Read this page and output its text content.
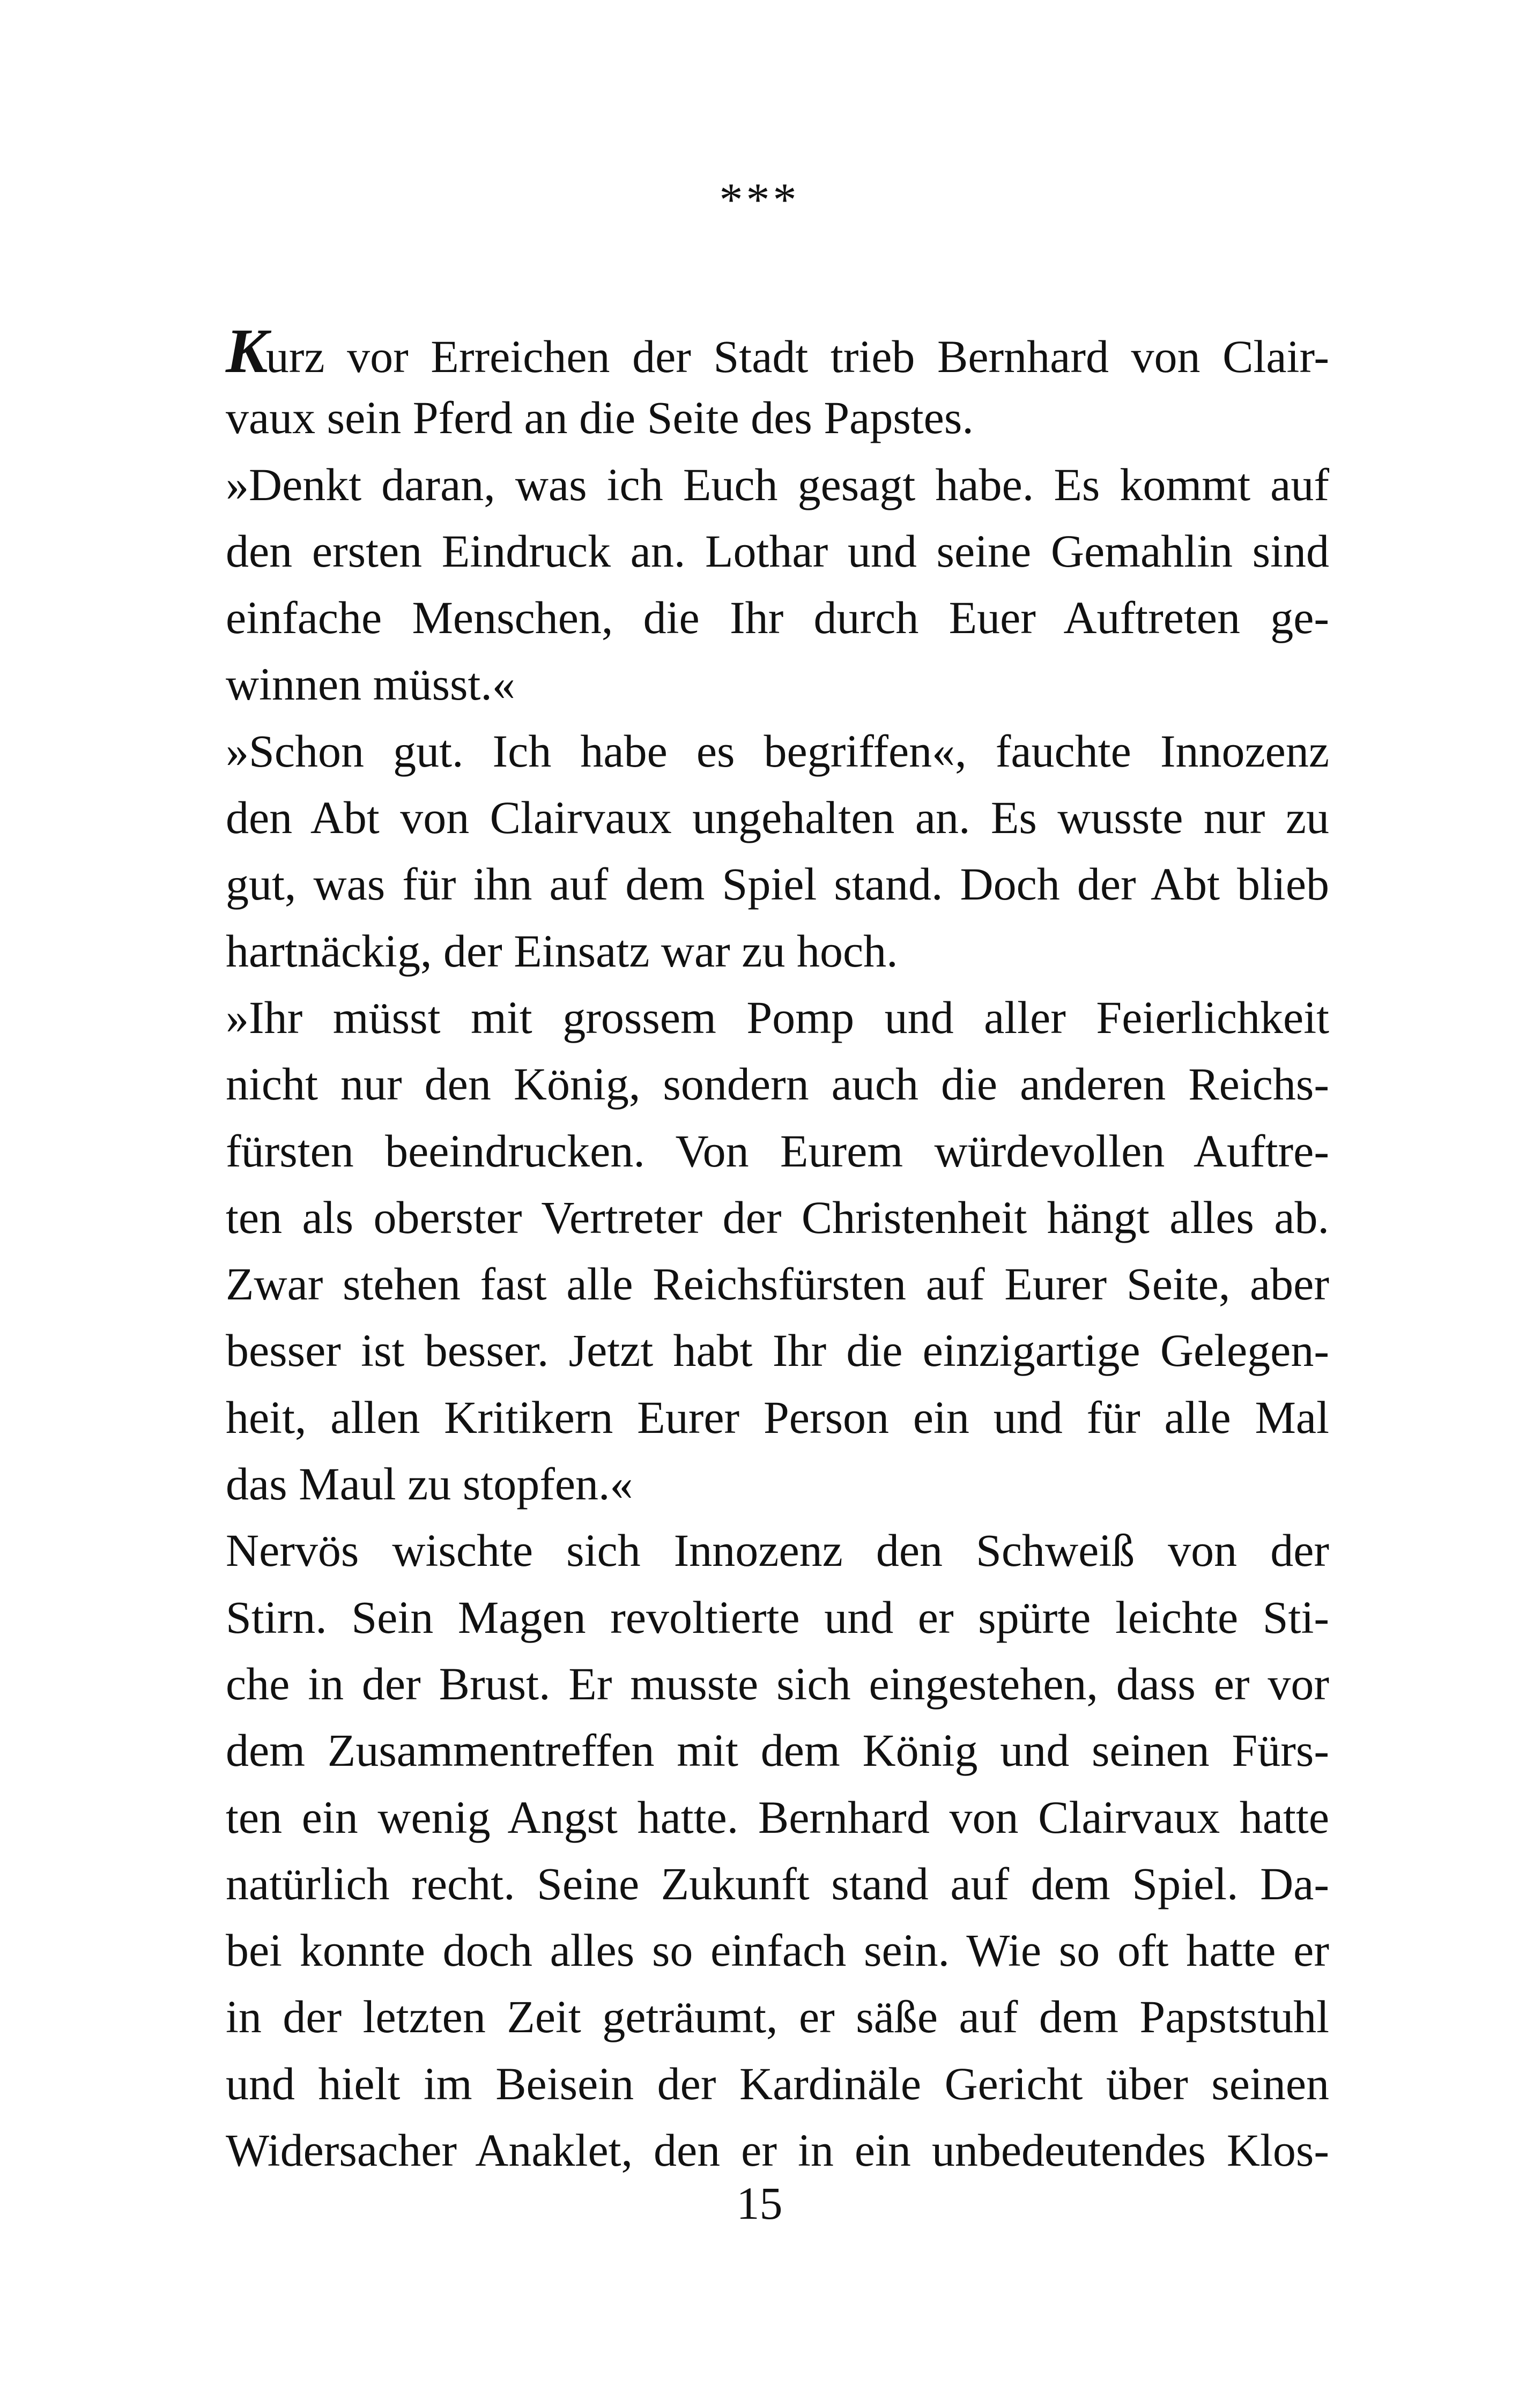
***
Kurz vor Erreichen der Stadt trieb Bernhard von Clair-
vaux sein Pferd an die Seite des Papstes.
»Denkt daran, was ich Euch gesagt habe. Es kommt auf
den ersten Eindruck an. Lothar und seine Gemahlin sind
einfache Menschen, die Ihr durch Euer Auftreten ge-
winnen müsst.«
»Schon gut. Ich habe es begriffen«, fauchte Innozenz
den Abt von Clairvaux ungehalten an. Es wusste nur zu
gut, was für ihn auf dem Spiel stand. Doch der Abt blieb
hartnäckig, der Einsatz war zu hoch.
»Ihr müsst mit grossem Pomp und aller Feierlichkeit
nicht nur den König, sondern auch die anderen Reichs-
fürsten beeindrucken. Von Eurem würdevollen Auftre-
ten als oberster Vertreter der Christenheit hängt alles ab.
Zwar stehen fast alle Reichsfürsten auf Eurer Seite, aber
besser ist besser. Jetzt habt Ihr die einzigartige Gelegen-
heit, allen Kritikern Eurer Person ein und für alle Mal
das Maul zu stopfen.«
Nervös wischte sich Innozenz den Schweiß von der
Stirn. Sein Magen revoltierte und er spürte leichte Sti-
che in der Brust. Er musste sich eingestehen, dass er vor
dem Zusammentreffen mit dem König und seinen Fürs-
ten ein wenig Angst hatte. Bernhard von Clairvaux hatte
natürlich recht. Seine Zukunft stand auf dem Spiel. Da-
bei konnte doch alles so einfach sein. Wie so oft hatte er
in der letzten Zeit geträumt, er säße auf dem Papststuhl
und hielt im Beisein der Kardinäle Gericht über seinen
Widersacher Anaklet, den er in ein unbedeutendes Klos-
15
